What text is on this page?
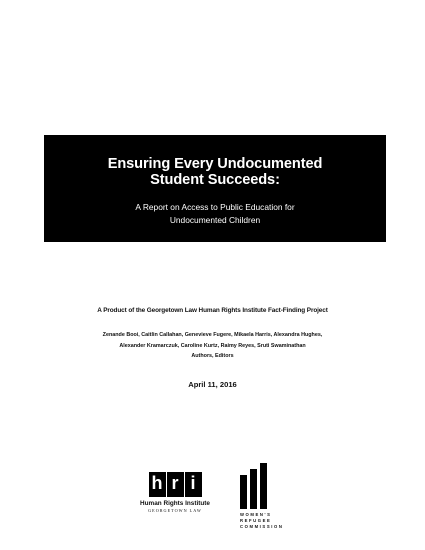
Ensuring Every Undocumented
Student Succeeds:

A Report on Access to Public Education for
Undocumented Children

A Product of the Georgetown Law Human Rights Institute Fact-Finding Project

Zenande Booi, Caitlin Callahan, Genevieve Fugere, Mikaela Harris, Alexandra Hughes,
Alexander Kramarczuk, Caroline Kurtz, Raimy Reyes, Sruti Swaminathan
Authors, Editors

April 11, 2016

h r i
Human Rights Institute
GEORGETOWN LAW
WOMEN'S
REFUGEE
COMMISSION
